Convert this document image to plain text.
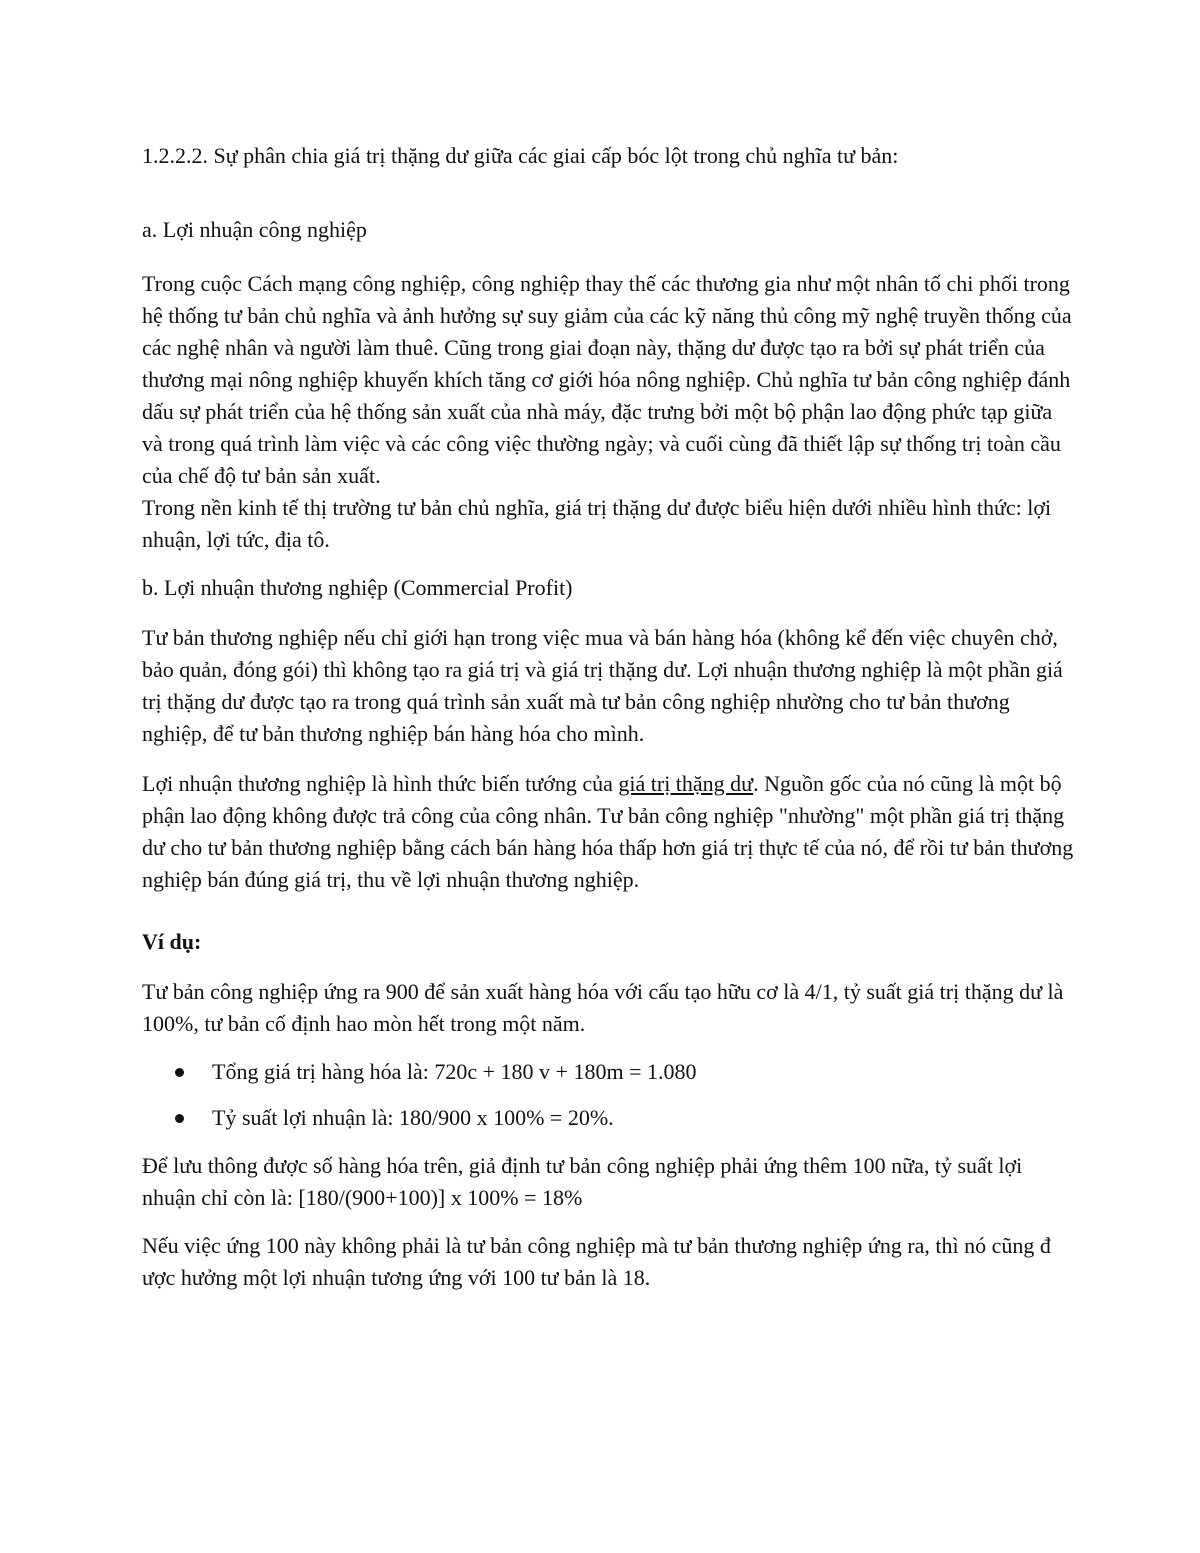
1.2.2.2. Sự phân chia giá trị thặng dư giữa các giai cấp bóc lột trong chủ nghĩa tư bản:

a. Lợi nhuận công nghiệp

Trong cuộc Cách mạng công nghiệp, công nghiệp thay thế các thương gia như một nhân tố chi phối trong hệ thống tư bản chủ nghĩa và ảnh hưởng sự suy giảm của các kỹ năng thủ công mỹ nghệ truyền thống của các nghệ nhân và người làm thuê. Cũng trong giai đoạn này, thặng dư được tạo ra bởi sự phát triển của thương mại nông nghiệp khuyến khích tăng cơ giới hóa nông nghiệp. Chủ nghĩa tư bản công nghiệp đánh dấu sự phát triển của hệ thống sản xuất của nhà máy, đặc trưng bởi một bộ phận lao động phức tạp giữa và trong quá trình làm việc và các công việc thường ngày; và cuối cùng đã thiết lập sự thống trị toàn cầu của chế độ tư bản sản xuất.

Trong nền kinh tế thị trường tư bản chủ nghĩa, giá trị thặng dư được biểu hiện dưới nhiều hình thức: lợi nhuận, lợi tức, địa tô.

b. Lợi nhuận thương nghiệp (Commercial Profit)

Tư bản thương nghiệp nếu chỉ giới hạn trong việc mua và bán hàng hóa (không kể đến việc chuyên chở, bảo quản, đóng gói) thì không tạo ra giá trị và giá trị thặng dư. Lợi nhuận thương nghiệp là một phần giá trị thặng dư được tạo ra trong quá trình sản xuất mà tư bản công nghiệp nhường cho tư bản thương nghiệp, để tư bản thương nghiệp bán hàng hóa cho mình.

Lợi nhuận thương nghiệp là hình thức biến tướng của giá trị thặng dư. Nguồn gốc của nó cũng là một bộ phận lao động không được trả công của công nhân. Tư bản công nghiệp "nhường" một phần giá trị thặng dư cho tư bản thương nghiệp bằng cách bán hàng hóa thấp hơn giá trị thực tế của nó, để rồi tư bản thương nghiệp bán đúng giá trị, thu về lợi nhuận thương nghiệp.

Ví dụ:

Tư bản công nghiệp ứng ra 900 để sản xuất hàng hóa với cấu tạo hữu cơ là 4/1, tỷ suất giá trị thặng dư là 100%, tư bản cố định hao mòn hết trong một năm.

Tổng giá trị hàng hóa là: 720c + 180 v + 180m = 1.080
Tỷ suất lợi nhuận là: 180/900 x 100% = 20%.

Để lưu thông được số hàng hóa trên, giả định tư bản công nghiệp phải ứng thêm 100 nữa, tỷ suất lợi nhuận chỉ còn là: [180/(900+100)] x 100% = 18%

Nếu việc ứng 100 này không phải là tư bản công nghiệp mà tư bản thương nghiệp ứng ra, thì nó cũng đ ược hưởng một lợi nhuận tương ứng với 100 tư bản là 18.
